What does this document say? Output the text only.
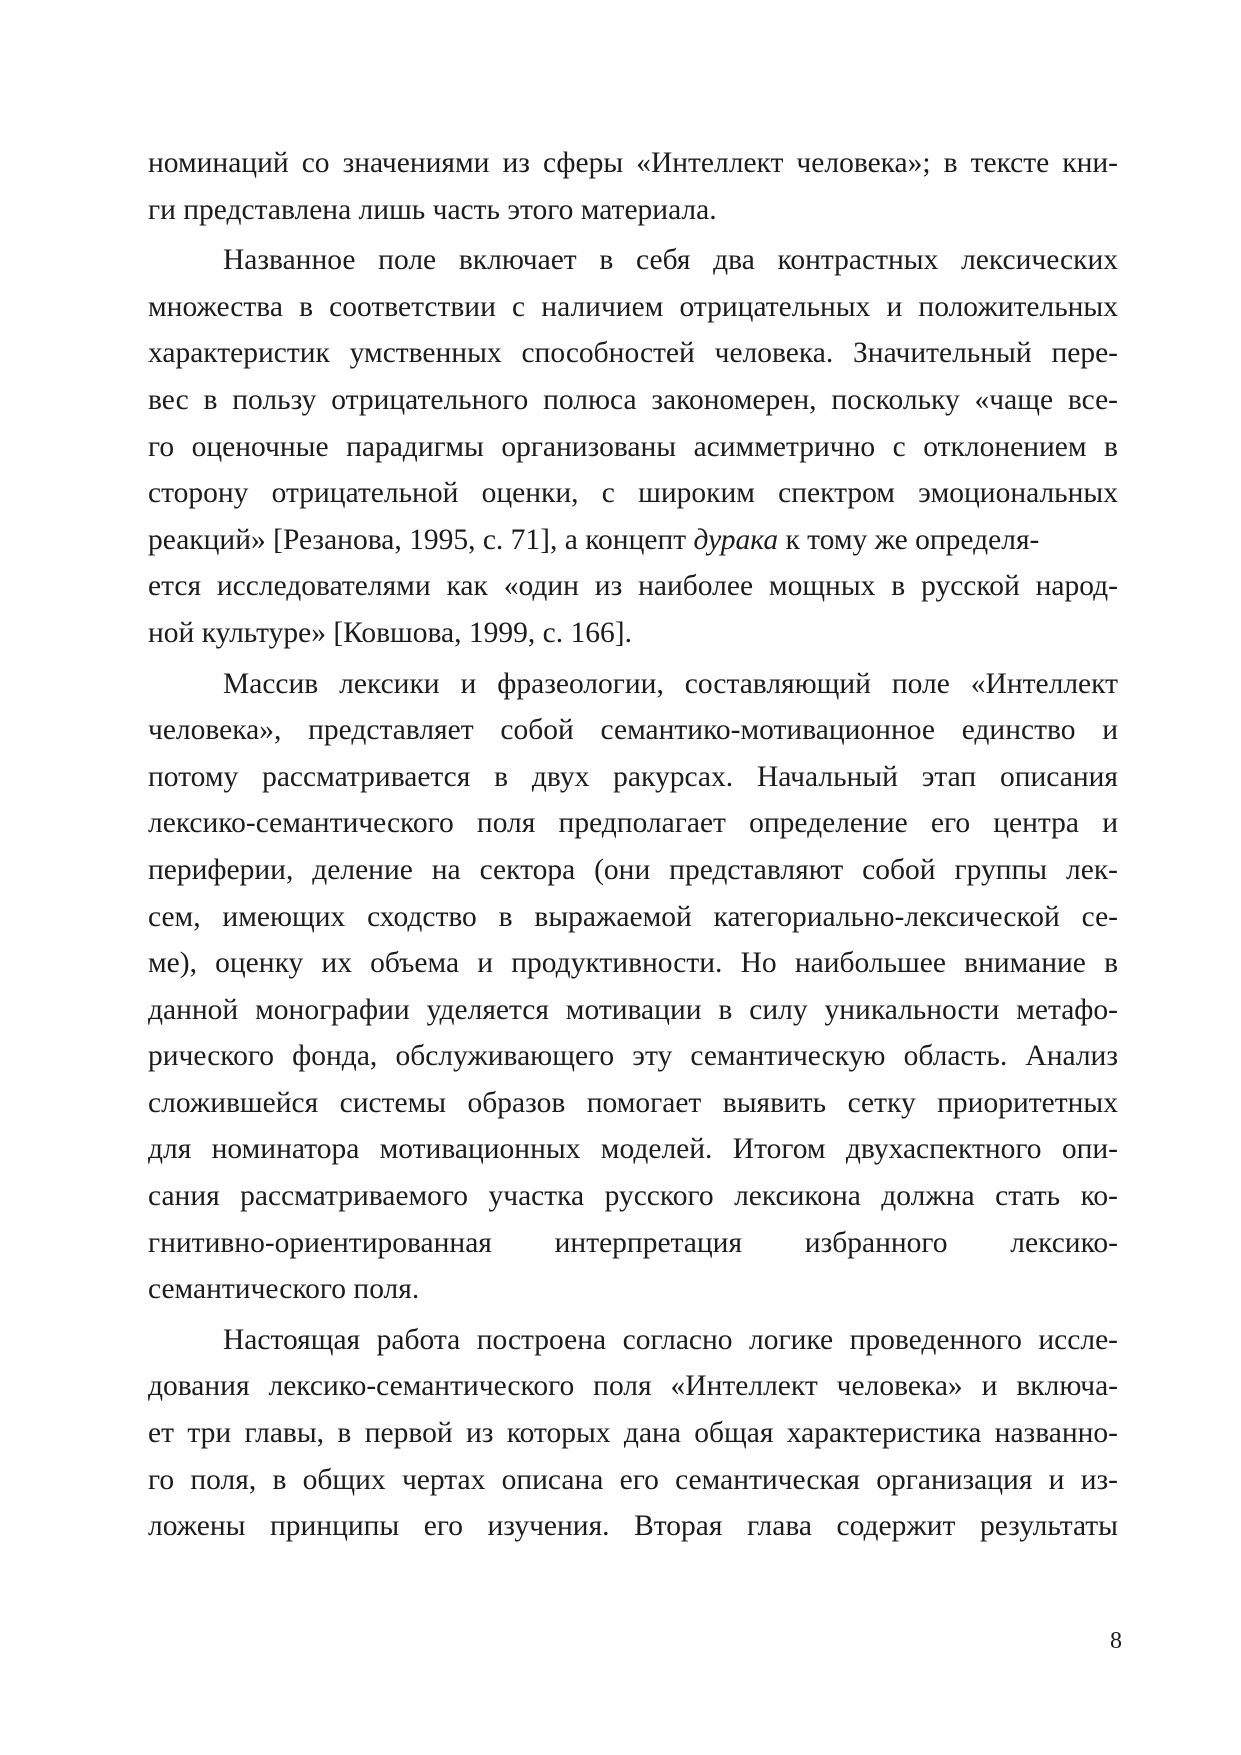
номинаций со значениями из сферы «Интеллект человека»; в тексте кни-
ги представлена лишь часть этого материала.

Названное поле включает в себя два контрастных лексических
множества в соответствии с наличием отрицательных и положительных
характеристик умственных способностей человека. Значительный пере-
вес в пользу отрицательного полюса закономерен, поскольку «чаще все-
го оценочные парадигмы организованы асимметрично с отклонением в
сторону отрицательной оценки, с широким спектром эмоциональных
реакций» [Резанова, 1995, с. 71], а концепт дурака к тому же определя-
ется исследователями как «один из наиболее мощных в русской народ-
ной культуре» [Ковшова, 1999, с. 166].

Массив лексики и фразеологии, составляющий поле «Интеллект
человека», представляет собой семантико-мотивационное единство и
потому рассматривается в двух ракурсах. Начальный этап описания
лексико-семантического поля предполагает определение его центра и
периферии, деление на сектора (они представляют собой группы лек-
сем, имеющих сходство в выражаемой категориально-лексической се-
ме), оценку их объема и продуктивности. Но наибольшее внимание в
данной монографии уделяется мотивации в силу уникальности метафо-
рического фонда, обслуживающего эту семантическую область. Анализ
сложившейся системы образов помогает выявить сетку приоритетных
для номинатора мотивационных моделей. Итогом двухаспектного опи-
сания рассматриваемого участка русского лексикона должна стать ко-
гнитивно-ориентированная интерпретация избранного лексико-
семантического поля.

Настоящая работа построена согласно логике проведенного иссле-
дования лексико-семантического поля «Интеллект человека» и включа-
ет три главы, в первой из которых дана общая характеристика названно-
го поля, в общих чертах описана его семантическая организация и из-
ложены принципы его изучения. Вторая глава содержит результаты

8
